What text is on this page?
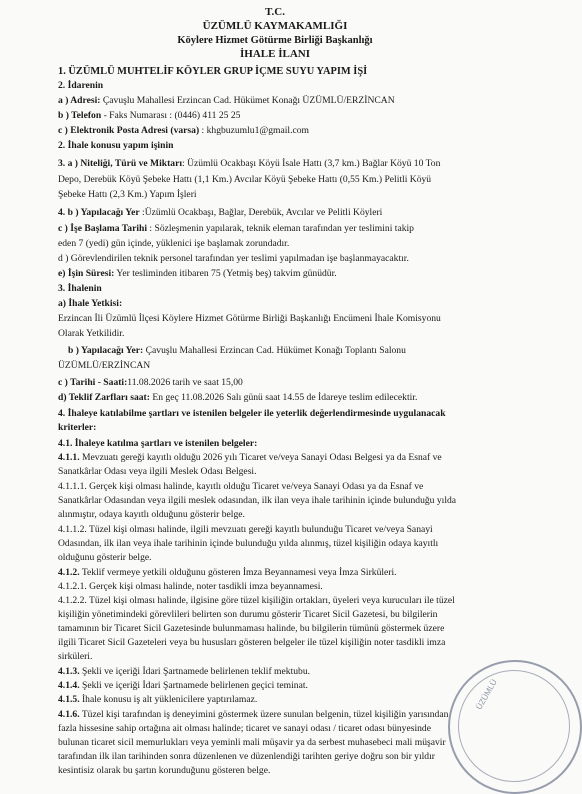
T.C.
ÜZÜMLÜ KAYMAKAMLIĞI
Köylere Hizmet Götürme Birliği Başkanlığı
İHALE İLANI
1. ÜZÜMLÜ MUHTELİF KÖYLER GRUP İÇME SUYU YAPIM İŞİ
2. İdarenin
a ) Adresi: Çavuşlu Mahallesi Erzincan Cad. Hükümet Konağı ÜZÜMLÜ/ERZİNCAN
b ) Telefon - Faks Numarası : (0446) 411 25 25
c ) Elektronik Posta Adresi (varsa) : khgbuzumlu1@gmail.com
2. İhale konusu yapım işinin
3. a ) Niteliği, Türü ve Miktarı: Üzümlü Ocakbaşı Köyü İsale Hattı (3,7 km.) Bağlar Köyü 10 Ton
Depo, Derebük Köyü Şebeke Hattı (1,1 Km.) Avcılar Köyü Şebeke Hattı (0,55 Km.) Pelitli Köyü
Şebeke Hattı (2,3 Km.) Yapım İşleri
4. b ) Yapılacağı Yer :Üzümlü Ocakbaşı, Bağlar, Derebük, Avcılar ve Pelitli Köyleri
c ) İşe Başlama Tarihi : Sözleşmenin yapılarak, teknik eleman tarafından yer teslimini takip
eden 7 (yedi) gün içinde, yüklenici işe başlamak zorundadır.
d ) Görevlendirilen teknik personel tarafından yer teslimi yapılmadan işe başlanmayacaktır.
e) İşin Süresi: Yer tesliminden itibaren 75 (Yetmiş beş) takvim günüdür.
3. İhalenin
a) İhale Yetkisi:
Erzincan İli Üzümlü İlçesi Köylere Hizmet Götürme Birliği Başkanlığı Encümeni İhale Komisyonu
Olarak Yetkilidir.
b ) Yapılacağı Yer: Çavuşlu Mahallesi Erzincan Cad. Hükümet Konağı Toplantı Salonu
ÜZÜMLÜ/ERZİNCAN
c ) Tarihi - Saati:11.08.2026 tarih ve saat 15,00
d) Teklif Zarfları saat: En geç 11.08.2026 Salı günü saat 14.55 de İdareye teslim edilecektir.
4. İhaleye katılabilme şartları ve istenilen belgeler ile yeterlik değerlendirmesinde uygulanacak
kriterler:
4.1. İhaleye katılma şartları ve istenilen belgeler:
4.1.1. Mevzuatı gereği kayıtlı olduğu 2026 yılı Ticaret ve/veya Sanayi Odası Belgesi ya da Esnaf ve
Sanatkârlar Odası veya ilgili Meslek Odası Belgesi.
4.1.1.1. Gerçek kişi olması halinde, kayıtlı olduğu Ticaret ve/veya Sanayi Odası ya da Esnaf ve
Sanatkârlar Odasından veya ilgili meslek odasından, ilk ilan veya ihale tarihinin içinde bulunduğu yılda
alınmıştır, odaya kayıtlı olduğunu gösterir belge.
4.1.1.2. Tüzel kişi olması halinde, ilgili mevzuatı gereği kayıtlı bulunduğu Ticaret ve/veya Sanayi
Odasından, ilk ilan veya ihale tarihinin içinde bulunduğu yılda alınmış, tüzel kişiliğin odaya kayıtlı
olduğunu gösterir belge.
4.1.2. Teklif vermeye yetkili olduğunu gösteren İmza Beyannamesi veya İmza Sirküleri.
4.1.2.1. Gerçek kişi olması halinde, noter tasdikli imza beyannamesi.
4.1.2.2. Tüzel kişi olması halinde, ilgisine göre tüzel kişiliğin ortakları, üyeleri veya kurucuları ile tüzel
kişiliğin yönetimindeki görevlileri belirten son durumu gösterir Ticaret Sicil Gazetesi, bu bilgilerin
tamamının bir Ticaret Sicil Gazetesinde bulunmaması halinde, bu bilgilerin tümünü göstermek üzere
ilgili Ticaret Sicil Gazeteleri veya bu hususları gösteren belgeler ile tüzel kişiliğin noter tasdikli imza
sirküleri.
4.1.3. Şekli ve içeriği İdari Şartnamede belirlenen teklif mektubu.
4.1.4. Şekli ve içeriği İdari Şartnamede belirlenen geçici teminat.
4.1.5. İhale konusu iş alt yüklenicilere yaptırılamaz.
4.1.6. Tüzel kişi tarafından iş deneyimini göstermek üzere sunulan belgenin, tüzel kişiliğin yarısından
fazla hissesine sahip ortağına ait olması halinde; ticaret ve sanayi odası / ticaret odası bünyesinde
bulunan ticaret sicil memurlukları veya yeminli mali müşavir ya da serbest muhasebeci mali müşavir
tarafından ilk ilan tarihinden sonra düzenlenen ve düzenlendiği tarihten geriye doğru son bir yıldır
kesintisiz olarak bu şartın korunduğunu gösteren belge.
ÜZÜMLÜ
